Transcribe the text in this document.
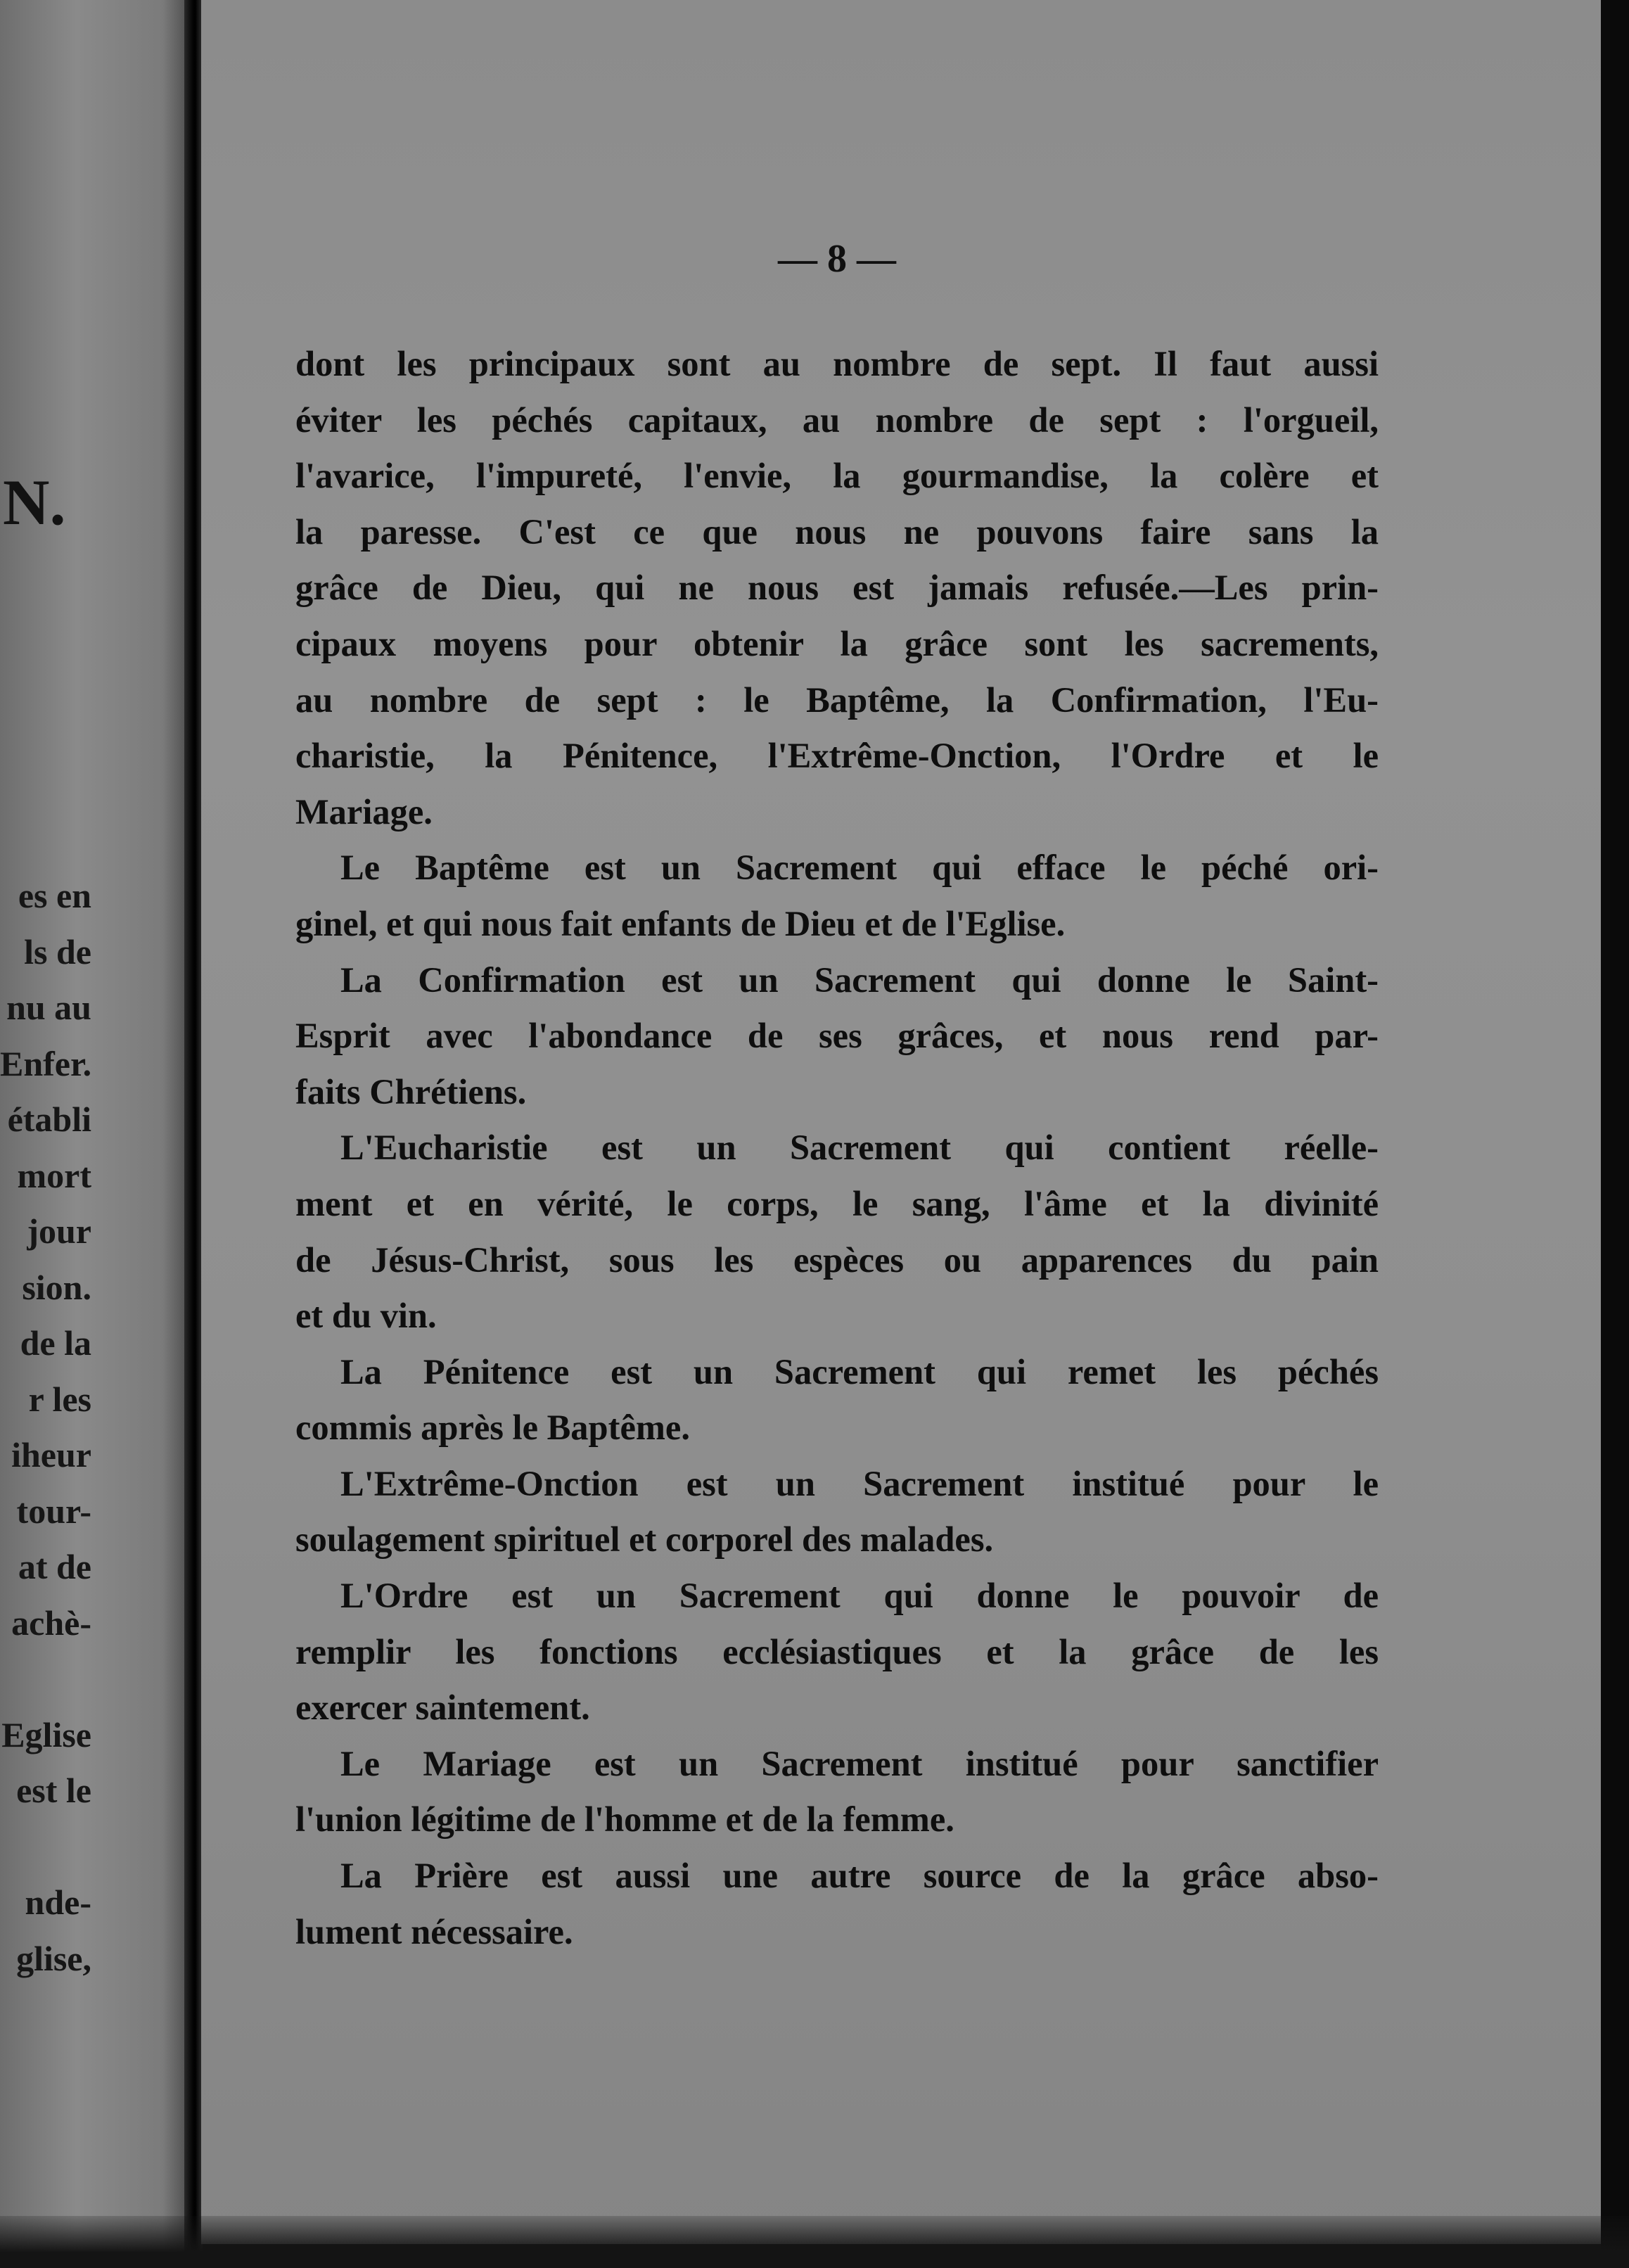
N.
es en
ls de
nu au
Enfer.
établi
mort
jour
sion.
de la
r les
iheur
tour-
at de
achè-
Eglise
est le
nde-
glise,
— 8 —
dont les principaux sont au nombre de sept. Il faut aussi
éviter les péchés capitaux, au nombre de sept : l'orgueil,
l'avarice, l'impureté, l'envie, la gourmandise, la colère et
la paresse. C'est ce que nous ne pouvons faire sans la
grâce de Dieu, qui ne nous est jamais refusée.—Les prin-
cipaux moyens pour obtenir la grâce sont les sacrements,
au nombre de sept : le Baptême, la Confirmation, l'Eu-
charistie, la Pénitence, l'Extrême-Onction, l'Ordre et le
Mariage.
Le Baptême est un Sacrement qui efface le péché ori-
ginel, et qui nous fait enfants de Dieu et de l'Eglise.
La Confirmation est un Sacrement qui donne le Saint-
Esprit avec l'abondance de ses grâces, et nous rend par-
faits Chrétiens.
L'Eucharistie est un Sacrement qui contient réelle-
ment et en vérité, le corps, le sang, l'âme et la divinité
de Jésus-Christ, sous les espèces ou apparences du pain
et du vin.
La Pénitence est un Sacrement qui remet les péchés
commis après le Baptême.
L'Extrême-Onction est un Sacrement institué pour le
soulagement spirituel et corporel des malades.
L'Ordre est un Sacrement qui donne le pouvoir de
remplir les fonctions ecclésiastiques et la grâce de les
exercer saintement.
Le Mariage est un Sacrement institué pour sanctifier
l'union légitime de l'homme et de la femme.
La Prière est aussi une autre source de la grâce abso-
lument nécessaire.
